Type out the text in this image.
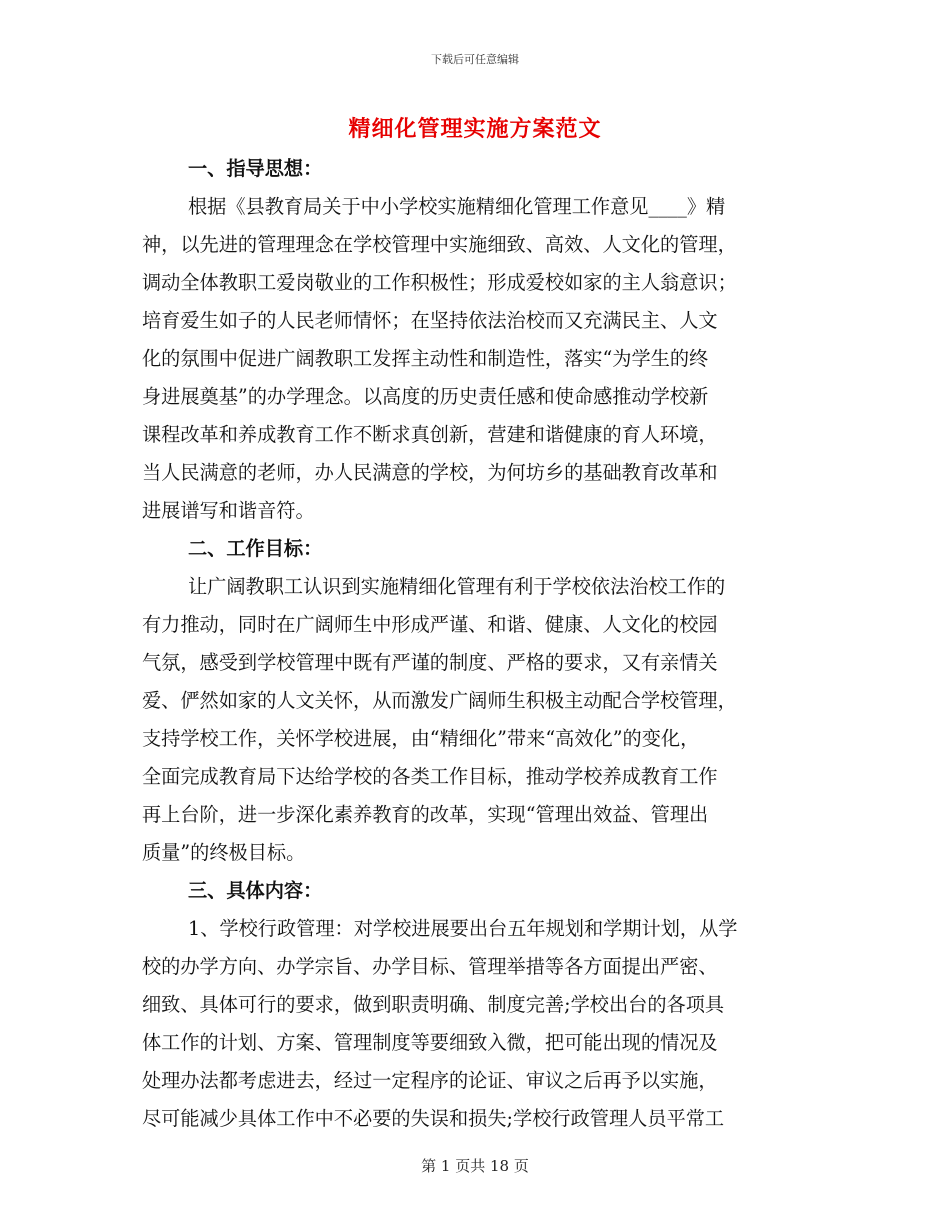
下载后可任意编辑
精细化管理实施方案范文
一、指导思想：
根据《县教育局关于中小学校实施精细化管理工作意见____》精
神，以先进的管理理念在学校管理中实施细致、高效、人文化的管理，
调动全体教职工爱岗敬业的工作积极性；形成爱校如家的主人翁意识；
培育爱生如子的人民老师情怀；在坚持依法治校而又充满民主、人文
化的氛围中促进广阔教职工发挥主动性和制造性，落实“为学生的终
身进展奠基”的办学理念。以高度的历史责任感和使命感推动学校新
课程改革和养成教育工作不断求真创新，营建和谐健康的育人环境，
当人民满意的老师，办人民满意的学校，为何坊乡的基础教育改革和
进展谱写和谐音符。
二、工作目标：
让广阔教职工认识到实施精细化管理有利于学校依法治校工作的
有力推动，同时在广阔师生中形成严谨、和谐、健康、人文化的校园
气氛，感受到学校管理中既有严谨的制度、严格的要求，又有亲情关
爱、俨然如家的人文关怀，从而激发广阔师生积极主动配合学校管理，
支持学校工作，关怀学校进展，由“精细化”带来“高效化”的变化，
全面完成教育局下达给学校的各类工作目标，推动学校养成教育工作
再上台阶，进一步深化素养教育的改革，实现“管理出效益、管理出
质量”的终极目标。
三、具体内容：
1、学校行政管理：对学校进展要出台五年规划和学期计划，从学
校的办学方向、办学宗旨、办学目标、管理举措等各方面提出严密、
细致、具体可行的要求，做到职责明确、制度完善;学校出台的各项具
体工作的计划、方案、管理制度等要细致入微，把可能出现的情况及
处理办法都考虑进去，经过一定程序的论证、审议之后再予以实施，
尽可能减少具体工作中不必要的失误和损失;学校行政管理人员平常工
第 1 页共 18 页
